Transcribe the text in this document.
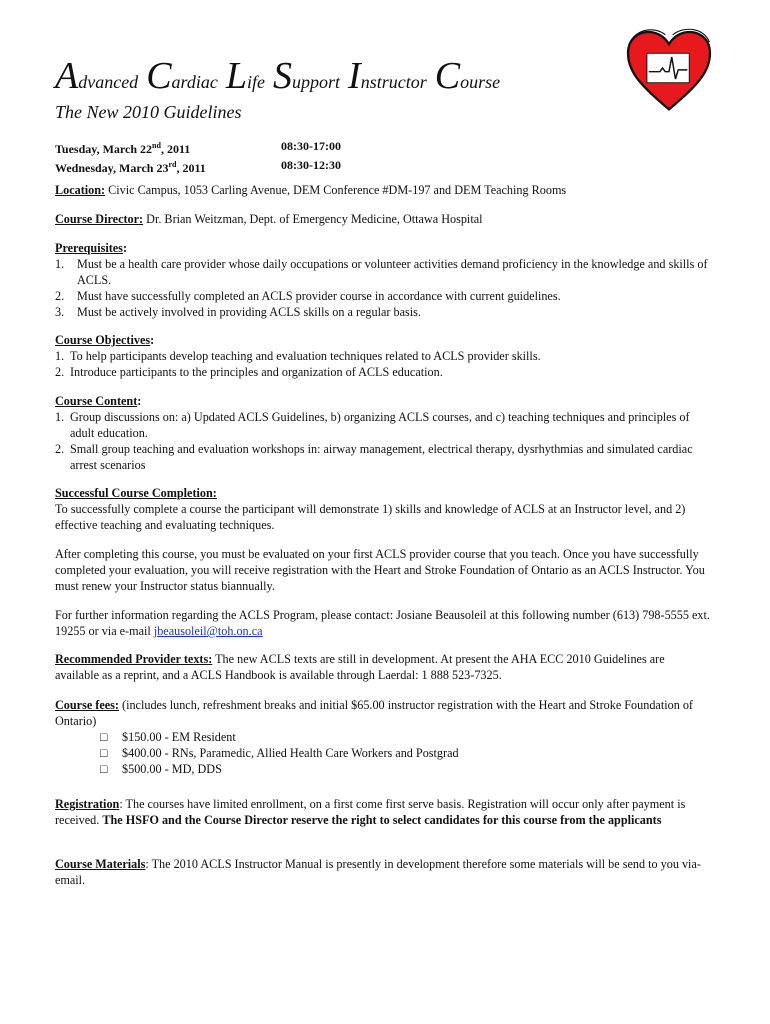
Advanced Cardiac Life Support Instructor Course
The New 2010 Guidelines
Tuesday, March 22nd, 2011	08:30-17:00
Wednesday, March 23rd, 2011	08:30-12:30
Location: Civic Campus, 1053 Carling Avenue, DEM Conference #DM-197 and DEM Teaching Rooms
Course Director: Dr. Brian Weitzman, Dept. of Emergency Medicine, Ottawa Hospital
Prerequisites:
1.	Must be a health care provider whose daily occupations or volunteer activities demand proficiency in the knowledge and skills of ACLS.
2.	Must have successfully completed an ACLS provider course in accordance with current guidelines.
3.	Must be actively involved in providing ACLS skills on a regular basis.
Course Objectives:
1. To help participants develop teaching and evaluation techniques related to ACLS provider skills.
2. Introduce participants to the principles and organization of ACLS education.
Course Content:
1. Group discussions on: a) Updated ACLS Guidelines, b) organizing ACLS courses, and c) teaching techniques and principles of adult education.
2. Small group teaching and evaluation workshops in: airway management, electrical therapy, dysrhythmias and simulated cardiac arrest scenarios
Successful Course Completion:
To successfully complete a course the participant will demonstrate 1) skills and knowledge of ACLS at an Instructor level, and 2) effective teaching and evaluating techniques.
After completing this course, you must be evaluated on your first ACLS provider course that you teach. Once you have successfully completed your evaluation, you will receive registration with the Heart and Stroke Foundation of Ontario as an ACLS Instructor. You must renew your Instructor status biannually.
For further information regarding the ACLS Program, please contact: Josiane Beausoleil at this following number (613) 798-5555 ext. 19255 or via e-mail jbeausoleil@toh.on.ca
Recommended Provider texts: The new ACLS texts are still in development. At present the AHA ECC 2010 Guidelines are available as a reprint, and a ACLS Handbook is available through Laerdal: 1 888 523-7325.
Course fees: (includes lunch, refreshment breaks and initial $65.00 instructor registration with the Heart and Stroke Foundation of Ontario)
□	$150.00 - EM Resident
□	$400.00 - RNs, Paramedic, Allied Health Care Workers and Postgrad
□	$500.00 - MD, DDS
Registration: The courses have limited enrollment, on a first come first serve basis. Registration will occur only after payment is received. The HSFO and the Course Director reserve the right to select candidates for this course from the applicants
Course Materials: The 2010 ACLS Instructor Manual is presently in development therefore some materials will be send to you via-email.
